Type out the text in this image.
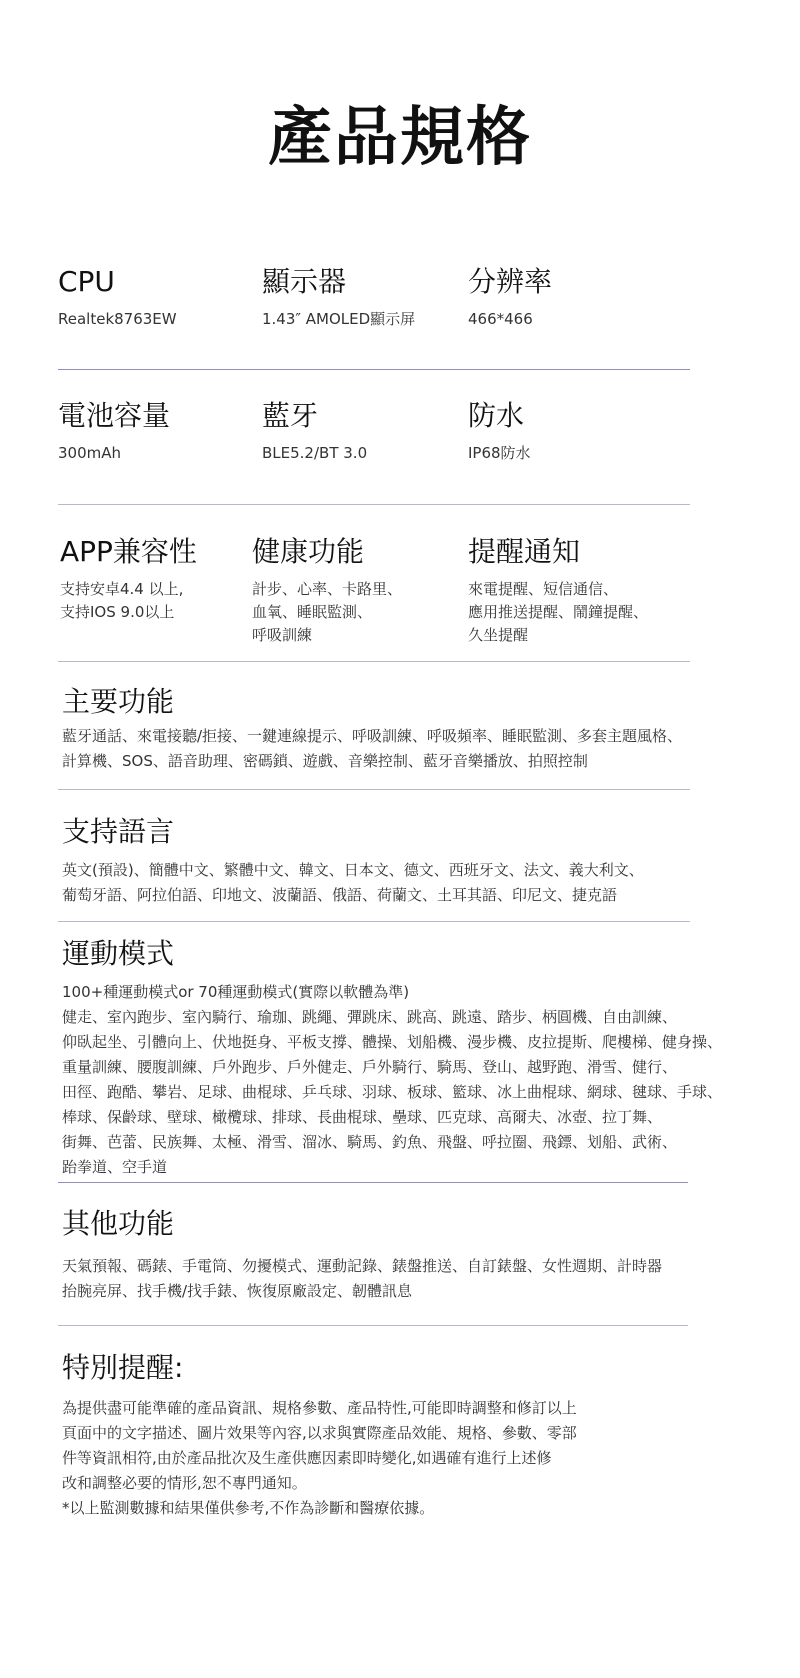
產品規格
CPU
Realtek8763EW
顯示器
1.43″ AMOLED顯示屏
分辨率
466*466
電池容量
300mAh
藍牙
BLE5.2/BT 3.0
防水
IP68防水
APP兼容性
支持安卓4.4 以上,
支持IOS 9.0以上
健康功能
計步、心率、卡路里、
血氧、睡眠監測、
呼吸訓練
提醒通知
來電提醒、短信通信、
應用推送提醒、鬧鐘提醒、
久坐提醒
主要功能
藍牙通話、來電接聽/拒接、一鍵連線提示、呼吸訓練、呼吸頻率、睡眠監測、多套主題風格、
計算機、SOS、語音助理、密碼鎖、遊戲、音樂控制、藍牙音樂播放、拍照控制
支持語言
英文(預設)、簡體中文、繁體中文、韓文、日本文、德文、西班牙文、法文、義大利文、
葡萄牙語、阿拉伯語、印地文、波蘭語、俄語、荷蘭文、土耳其語、印尼文、捷克語
運動模式
100+種運動模式or 70種運動模式(實際以軟體為準)
健走、室內跑步、室內騎行、瑜珈、跳繩、彈跳床、跳高、跳遠、踏步、柄圓機、自由訓練、
仰臥起坐、引體向上、伏地挺身、平板支撐、體操、划船機、漫步機、皮拉提斯、爬樓梯、健身操、
重量訓練、腰腹訓練、戶外跑步、戶外健走、戶外騎行、騎馬、登山、越野跑、滑雪、健行、
田徑、跑酷、攀岩、足球、曲棍球、乒乓球、羽球、板球、籃球、冰上曲棍球、網球、毽球、手球、
棒球、保齡球、壁球、橄欖球、排球、長曲棍球、壘球、匹克球、高爾夫、冰壺、拉丁舞、
街舞、芭蕾、民族舞、太極、滑雪、溜冰、騎馬、釣魚、飛盤、呼拉圈、飛鏢、划船、武術、
跆拳道、空手道
其他功能
天氣預報、碼錶、手電筒、勿擾模式、運動記錄、錶盤推送、自訂錶盤、女性週期、計時器
抬腕亮屏、找手機/找手錶、恢復原廠設定、韌體訊息
特別提醒:
為提供盡可能準確的產品資訊、規格參數、產品特性,可能即時調整和修訂以上
頁面中的文字描述、圖片效果等內容,以求與實際產品效能、規格、參數、零部
件等資訊相符,由於產品批次及生產供應因素即時變化,如遇確有進行上述修
改和調整必要的情形,恕不專門通知。
*以上監測數據和結果僅供參考,不作為診斷和醫療依據。
